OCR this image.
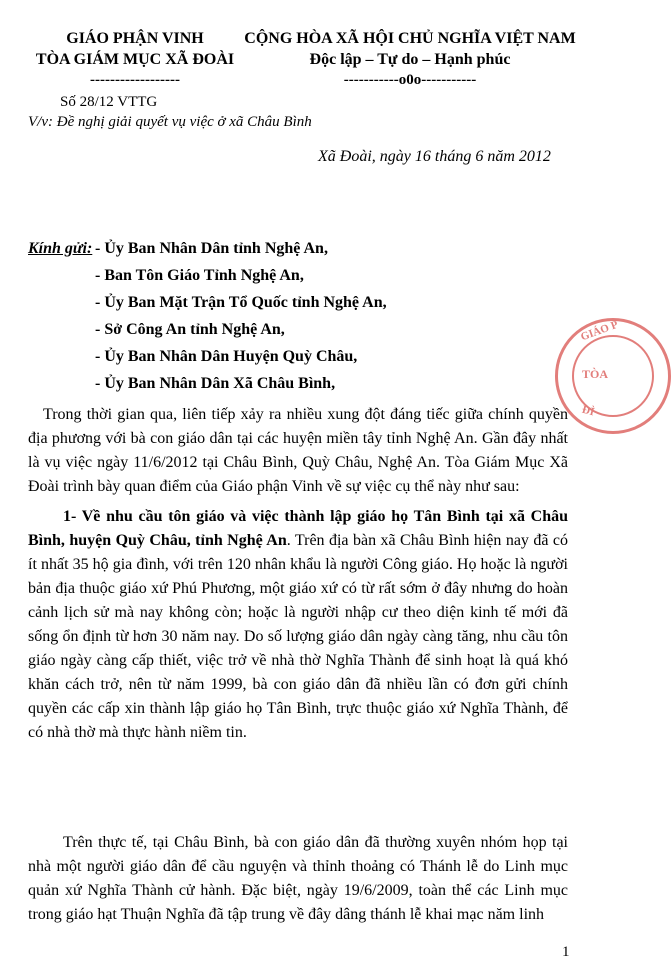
GIÁO PHẬN VINH
TÒA GIÁM MỤC XÃ ĐOÀI
------------------
CỘNG HÒA XÃ HỘI CHỦ NGHĨA VIỆT NAM
Độc lập – Tự do – Hạnh phúc
-----------o0o-----------
Số 28/12 VTTG
V/v: Đề nghị giải quyết vụ việc ở xã Châu Bình
Xã Đoài, ngày 16 tháng 6 năm 2012
Kính gửi: - Ủy Ban Nhân Dân tỉnh Nghệ An,
- Ban Tôn Giáo Tỉnh Nghệ An,
- Ủy Ban Mặt Trận Tổ Quốc tỉnh Nghệ An,
- Sở Công An tỉnh Nghệ An,
- Ủy Ban Nhân Dân Huyện Quỳ Châu,
- Ủy Ban Nhân Dân Xã Châu Bình,
Trong thời gian qua, liên tiếp xảy ra nhiều xung đột đáng tiếc giữa chính quyền địa phương với bà con giáo dân tại các huyện miền tây tỉnh Nghệ An. Gần đây nhất là vụ việc ngày 11/6/2012 tại Châu Bình, Quỳ Châu, Nghệ An. Tòa Giám Mục Xã Đoài trình bày quan điểm của Giáo phận Vinh về sự việc cụ thể này như sau:
1- Về nhu cầu tôn giáo và việc thành lập giáo họ Tân Bình tại xã Châu Bình, huyện Quỳ Châu, tỉnh Nghệ An. Trên địa bàn xã Châu Bình hiện nay đã có ít nhất 35 hộ gia đình, với trên 120 nhân khẩu là người Công giáo. Họ hoặc là người bản địa thuộc giáo xứ Phú Phương, một giáo xứ có từ rất sớm ở đây nhưng do hoàn cảnh lịch sử mà nay không còn; hoặc là người nhập cư theo diện kinh tế mới đã sống ổn định từ hơn 30 năm nay. Do số lượng giáo dân ngày càng tăng, nhu cầu tôn giáo ngày càng cấp thiết, việc trở về nhà thờ Nghĩa Thành để sinh hoạt là quá khó khăn cách trở, nên từ năm 1999, bà con giáo dân đã nhiều lần có đơn gửi chính quyền các cấp xin thành lập giáo họ Tân Bình, trực thuộc giáo xứ Nghĩa Thành, để có nhà thờ mà thực hành niềm tin.
Trên thực tế, tại Châu Bình, bà con giáo dân đã thường xuyên nhóm họp tại nhà một người giáo dân để cầu nguyện và thỉnh thoảng có Thánh lễ do Linh mục quản xứ Nghĩa Thành cử hành. Đặc biệt, ngày 19/6/2009, toàn thể các Linh mục trong giáo hạt Thuận Nghĩa đã tập trung về đây dâng thánh lễ khai mạc năm linh
GIÁO P
TÒA
ĐÌ
1
